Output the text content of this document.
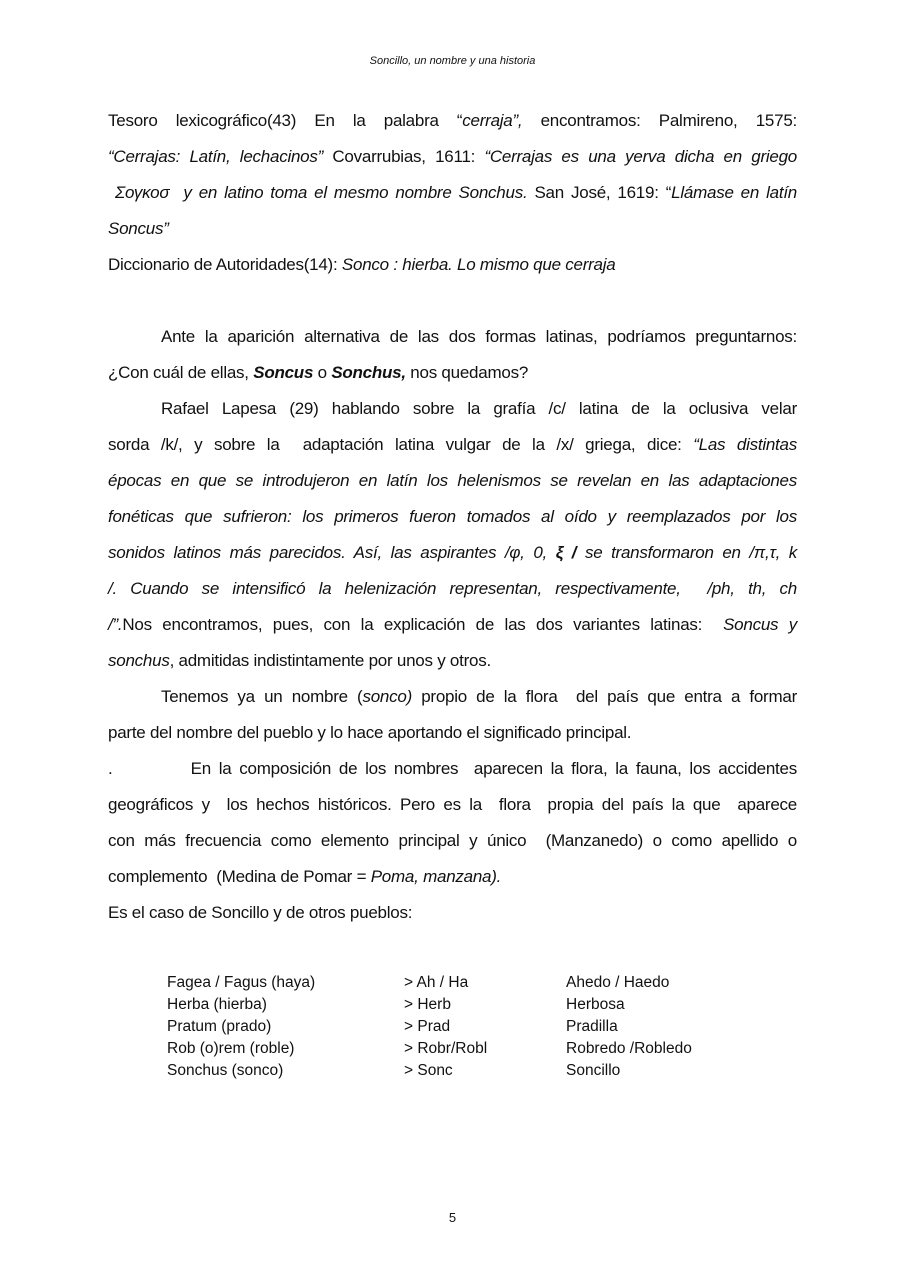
Soncillo, un nombre y una historia
Tesoro lexicográfico(43) En la palabra “cerraja”, encontramos: Palmireno, 1575:
“Cerrajas: Latín, lechacinos” Covarrubias, 1611: “Cerrajas es una yerva dicha en griego
Σογκοσ  y en latino toma el mesmo nombre Sonchus. San José, 1619: “Llámase en latín
Soncus”
Diccionario de Autoridades(14): Sonco : hierba. Lo mismo que cerraja
Ante la aparición alternativa de las dos formas latinas, podríamos preguntarnos:
¿Con cuál de ellas, Soncus o Sonchus, nos quedamos?
Rafael Lapesa (29) hablando sobre la grafía /c/ latina de la oclusiva velar
sorda /k/, y sobre la  adaptación latina vulgar de la /x/ griega, dice: “Las distintas
épocas en que se introdujeron en latín los helenismos se revelan en las adaptaciones
fonéticas que sufrieron: los primeros fueron tomados al oído y reemplazados por los
sonidos latinos más parecidos. Así, las aspirantes /φ, 0, ξ / se transformaron en /π,τ, k
/. Cuando se intensificó la helenización representan, respectivamente,  /ph, th, ch
/”.Nos encontramos, pues, con la explicación de las dos variantes latinas:  Soncus y
sonchus, admitidas indistintamente por unos y otros.
Tenemos ya un nombre (sonco) propio de la flora  del país que entra a formar
parte del nombre del pueblo y lo hace aportando el significado principal.
.          En la composición de los nombres  aparecen la flora, la fauna, los accidentes
geográficos y  los hechos históricos. Pero es la  flora  propia del país la que  aparece
con más frecuencia como elemento principal y único  (Manzanedo) o como apellido o
complemento  (Medina de Pomar = Poma, manzana).
Es el caso de Soncillo y de otros pueblos:
Fagea / Fagus (haya)	> Ah / Ha	Ahedo / Haedo
Herba (hierba)	> Herb	Herbosa
Pratum (prado)	> Prad	Pradilla
Rob (o)rem (roble)	> Robr/Robl	Robredo /Robledo
Sonchus (sonco)	> Sonc	Soncillo
5
